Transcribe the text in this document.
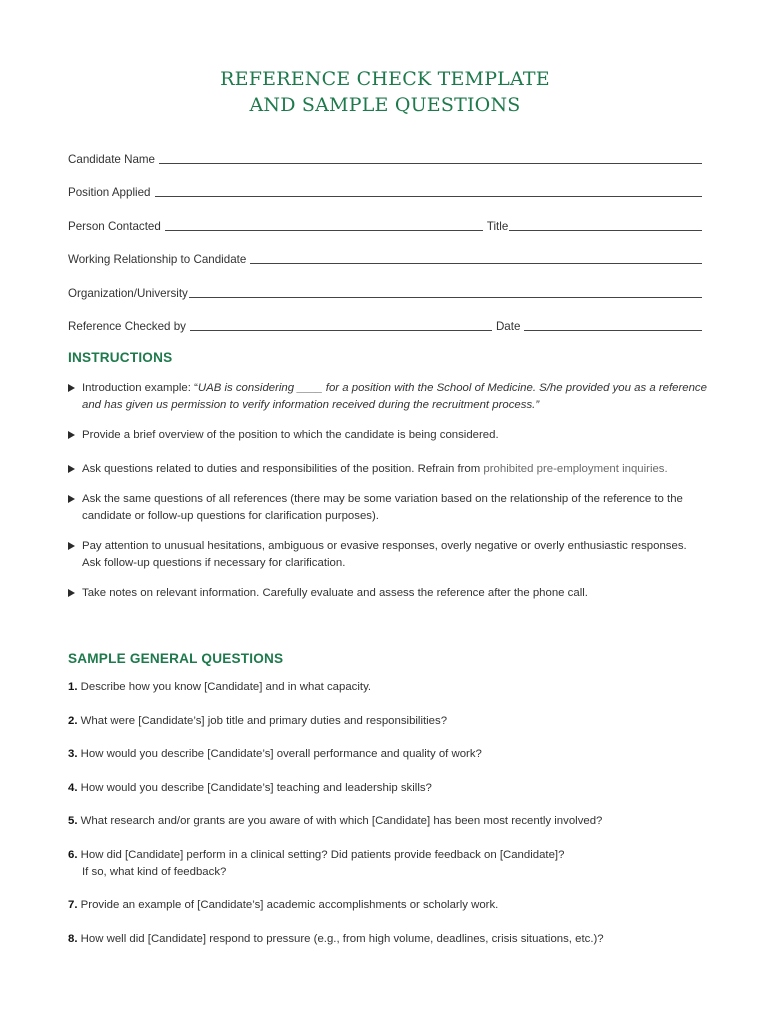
REFERENCE CHECK TEMPLATE
AND SAMPLE QUESTIONS
Candidate Name
Position Applied
Person Contacted	Title
Working Relationship to Candidate
Organization/University
Reference Checked by	Date
INSTRUCTIONS
Introduction example: “UAB is considering ____ for a position with the School of Medicine. S/he provided you as a reference and has given us permission to verify information received during the recruitment process.”
Provide a brief overview of the position to which the candidate is being considered.
Ask questions related to duties and responsibilities of the position. Refrain from prohibited pre-employment inquiries.
Ask the same questions of all references (there may be some variation based on the relationship of the reference to the candidate or follow-up questions for clarification purposes).
Pay attention to unusual hesitations, ambiguous or evasive responses, overly negative or overly enthusiastic responses. Ask follow-up questions if necessary for clarification.
Take notes on relevant information. Carefully evaluate and assess the reference after the phone call.
SAMPLE GENERAL QUESTIONS
1. Describe how you know [Candidate] and in what capacity.
2. What were [Candidate’s] job title and primary duties and responsibilities?
3. How would you describe [Candidate’s] overall performance and quality of work?
4. How would you describe [Candidate’s] teaching and leadership skills?
5. What research and/or grants are you aware of with which [Candidate] has been most recently involved?
6. How did [Candidate] perform in a clinical setting? Did patients provide feedback on [Candidate]?
If so, what kind of feedback?
7. Provide an example of [Candidate’s] academic accomplishments or scholarly work.
8. How well did [Candidate] respond to pressure (e.g., from high volume, deadlines, crisis situations, etc.)?
